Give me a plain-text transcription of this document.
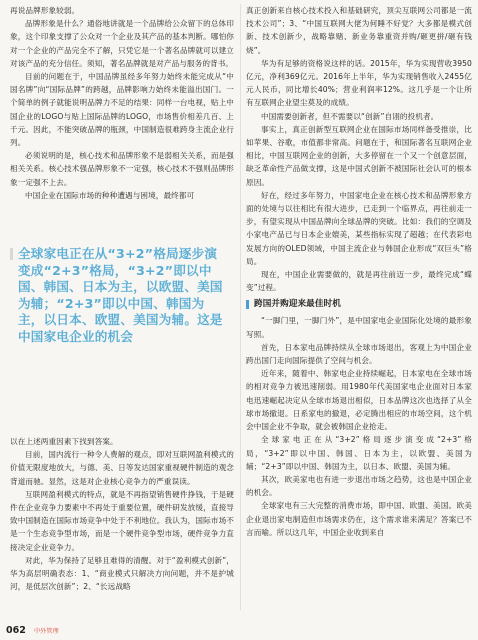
再说品牌形象较弱。

品牌形象是什么？通俗地讲就是一个品牌给公众留下的总体印象，这个印象支撑了公众对一个企业及其产品的基本判断。哪怕你对一个企业的产品完全不了解，只凭它是一个著名品牌就可以建立对该产品的充分信任。须知，著名品牌就是对产品与服务的背书。

目前的问题在于，中国品牌虽经多年努力始终未能完成从“中国名牌”向“国际品牌”的跨越，品牌影响力始终未能溢出国门。一个简单的例子就能说明品牌力不足的结果：同样一台电视，贴上中国企业的LOGO与贴上国际品牌的LOGO，市场售价相差几百、上千元。因此，不能突破品牌的瓶颈，中国制造很难跨身主流企业行列。

必须说明的是，核心技术和品牌形象不是弱相关关系，而是强相关关系。核心技术强品牌形象不一定强，核心技术不强则品牌形象一定强不上去。

中国企业在国际市场的种种遭遇与困境，最终都可

全球家电正在从“3+2”格局逐步演变成“2+3”格局，“3+2”即以中国、韩国、日本为主，以欧盟、美国为辅；“2+3”即以中国、韩国为主，以日本、欧盟、美国为辅。这是中国家电企业的机会

以在上述两重因素下找到答案。

目前，国内流行一种令人费解的观点，即对互联网盈利模式的价值无限度地放大，与德、美、日等发达国家重视硬件制造的观念背道而驰。显然，这是对企业核心竞争力的严重误读。

互联网盈利模式的特点，就是不再指望销售硬件挣钱，于是硬件在企业竞争力要素中不再处于重要位置，硬件研发放缓，直接导致中国制造在国际市场竞争中处于不利地位。我认为，国际市场不是一个生态竞争型市场，而是一个硬件竞争型市场，硬件竞争力直接决定企业竞争力。

对此，华为保持了足够且难得的清醒。对于“盈利模式创新”，华为高层明确表态：1、“商业模式只解决方向问题，并不是护城河，是低层次创新”；2、“长远战略

真正创新来自核心技术投入和基础研究，顶尖互联网公司都是一流技术公司”；3、“中国互联网大佬为何睡不好觉？大多都是模式创新、技术创新少，战略靠赌、新业务靠重资并购/砸更拼/砸有钱烧”。

华为有足够的资格说这样的话。2015年，华为实现营收3950亿元，净利369亿元。2016年上半年，华为实现销售收入2455亿元人民币，同比增长40%；营业利润率12%。这几乎是一个让所有互联网企业望尘莫及的成绩。

中国需要创新者，但不需要以“创新”自诩的投机者。

事实上，真正创新型互联网企业在国际市场同样备受推崇，比如苹果、谷歌，市值都非常高。问题在于，和国际著名互联网企业相比，中国互联网企业的创新，大多停留在一个又一个创意层面，缺乏革命性产品做支撑，这是中国式创新不被国际社会认可的根本原因。

好在，经过多年努力，中国家电企业在核心技术和品牌形象方面的处境与以往相比有很大进步，已走到一个临界点，再往前走一步，有望实现从中国品牌向全球品牌的突破。比如：我们的空调及小家电产品已与日本企业媲美，某些指标实现了超越；在代表彩电发展方向的OLED领域，中国主流企业与韩国企业形成“双巨头”格局。

现在，中国企业需要做的，就是再往前迈一步，最终完成“蝶变”过程。

跨国并购迎来最佳时机

“一脚门里，一脚门外”，是中国家电企业国际化处境的最形象写照。

首先，日本家电品牌持续从全球市场退出，客观上为中国企业跨出国门走向国际提供了空间与机会。

近年来，随着中、韩家电企业持续崛起，日本家电在全球市场的相对竞争力被迅速削弱。用1980年代美国家电企业面对日本家电迅速崛起决定从全球市场退出相似，日本品牌这次也选择了从全球市场撤退。日系家电的撤退，必定腾出相应的市场空间，这个机会中国企业不争取，就会被韩国企业抢走。

全球家电正在从“3+2”格局逐步演变成“2+3”格局，“3+2”即以中国、韩国、日本为主，以欧盟、美国为辅；“2+3”即以中国、韩国为主，以日本、欧盟、美国为辅。

其次，欧美家电也有进一步退出市场之趋势，这也是中国企业的机会。

全球家电有三大完整的消费市场，即中国、欧盟、美国。欧美企业退出家电制造但市场需求仍在，这个需求谁来满足？答案已不言而喻。所以这几年，中国企业收到来自

062 中外管理
